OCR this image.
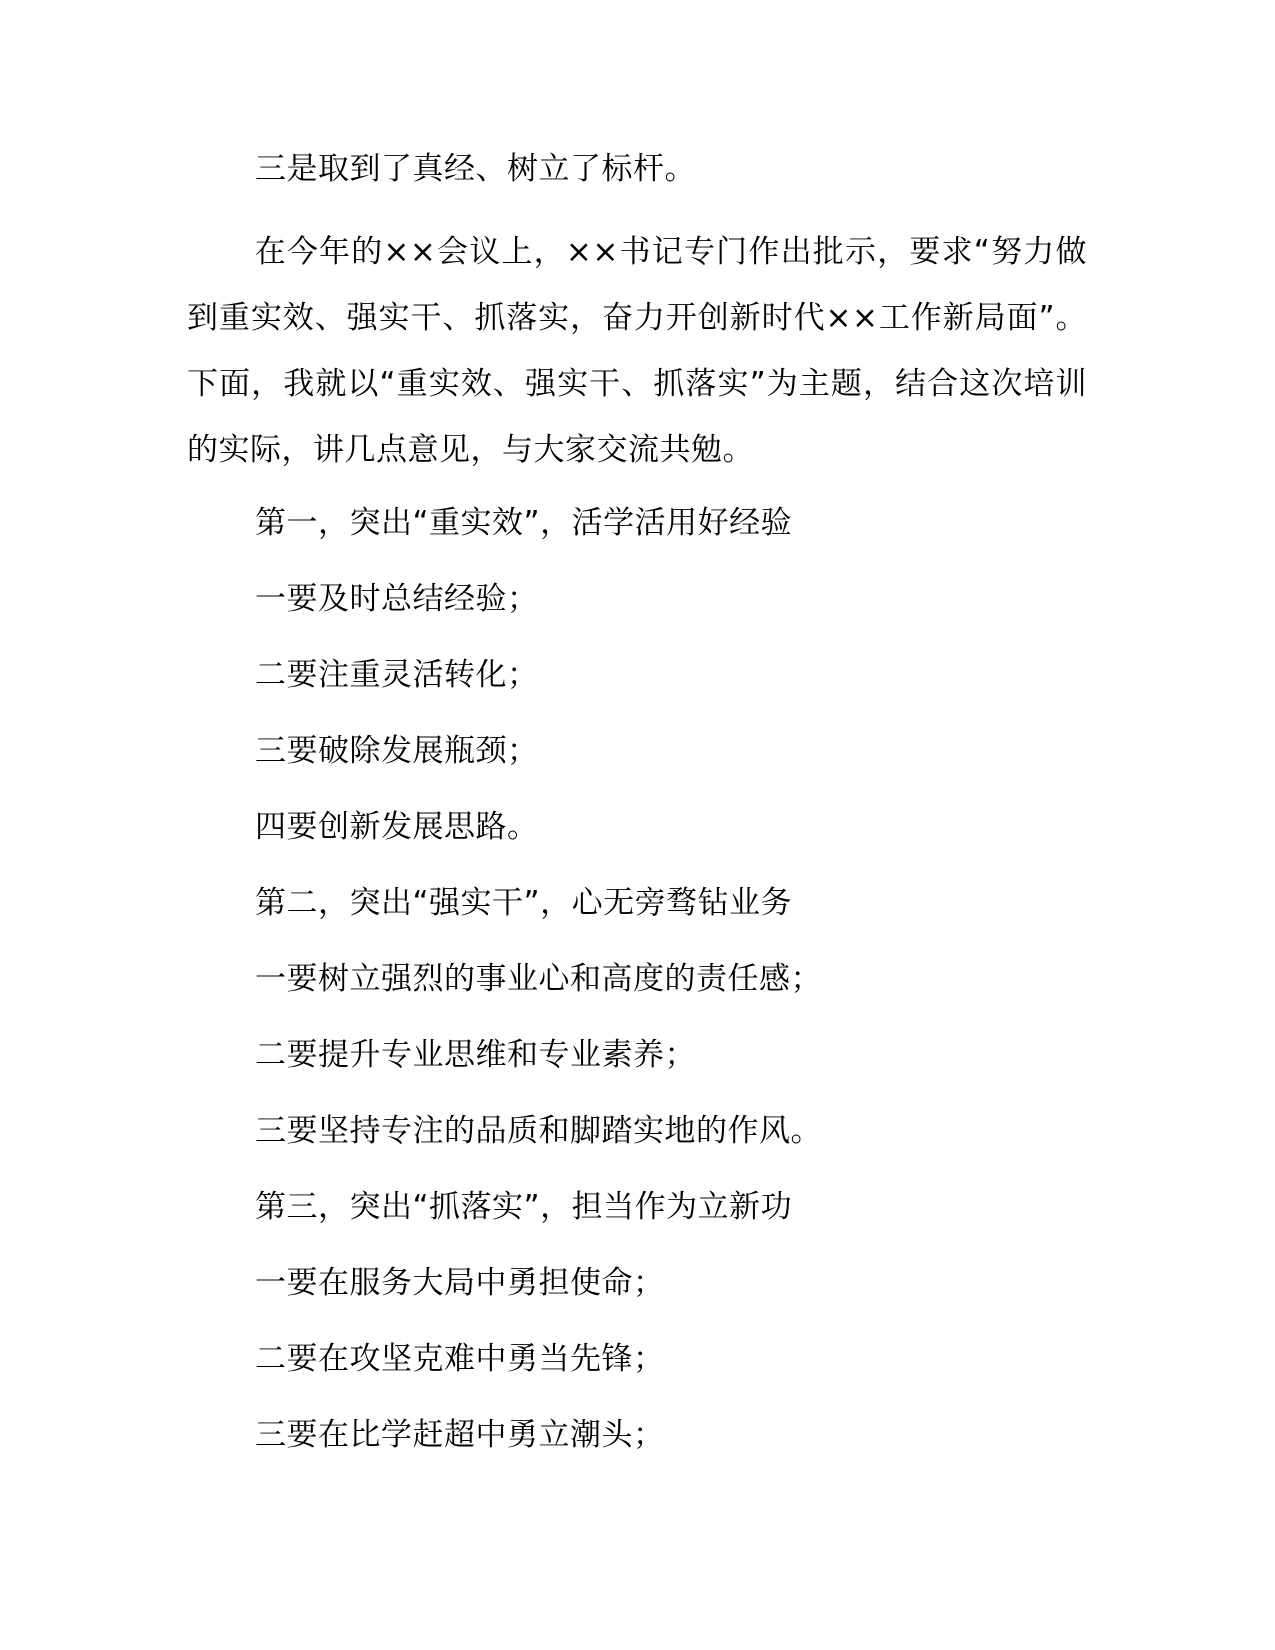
三是取到了真经、树立了标杆。

在今年的××会议上，××书记专门作出批示，要求“努力做到重实效、强实干、抓落实，奋力开创新时代××工作新局面”。下面，我就以“重实效、强实干、抓落实”为主题，结合这次培训的实际，讲几点意见，与大家交流共勉。

第一，突出“重实效”，活学活用好经验

一要及时总结经验；

二要注重灵活转化；

三要破除发展瓶颈；

四要创新发展思路。

第二，突出“强实干”，心无旁骛钻业务

一要树立强烈的事业心和高度的责任感；

二要提升专业思维和专业素养；

三要坚持专注的品质和脚踏实地的作风。

第三，突出“抓落实”，担当作为立新功

一要在服务大局中勇担使命；

二要在攻坚克难中勇当先锋；

三要在比学赶超中勇立潮头；
